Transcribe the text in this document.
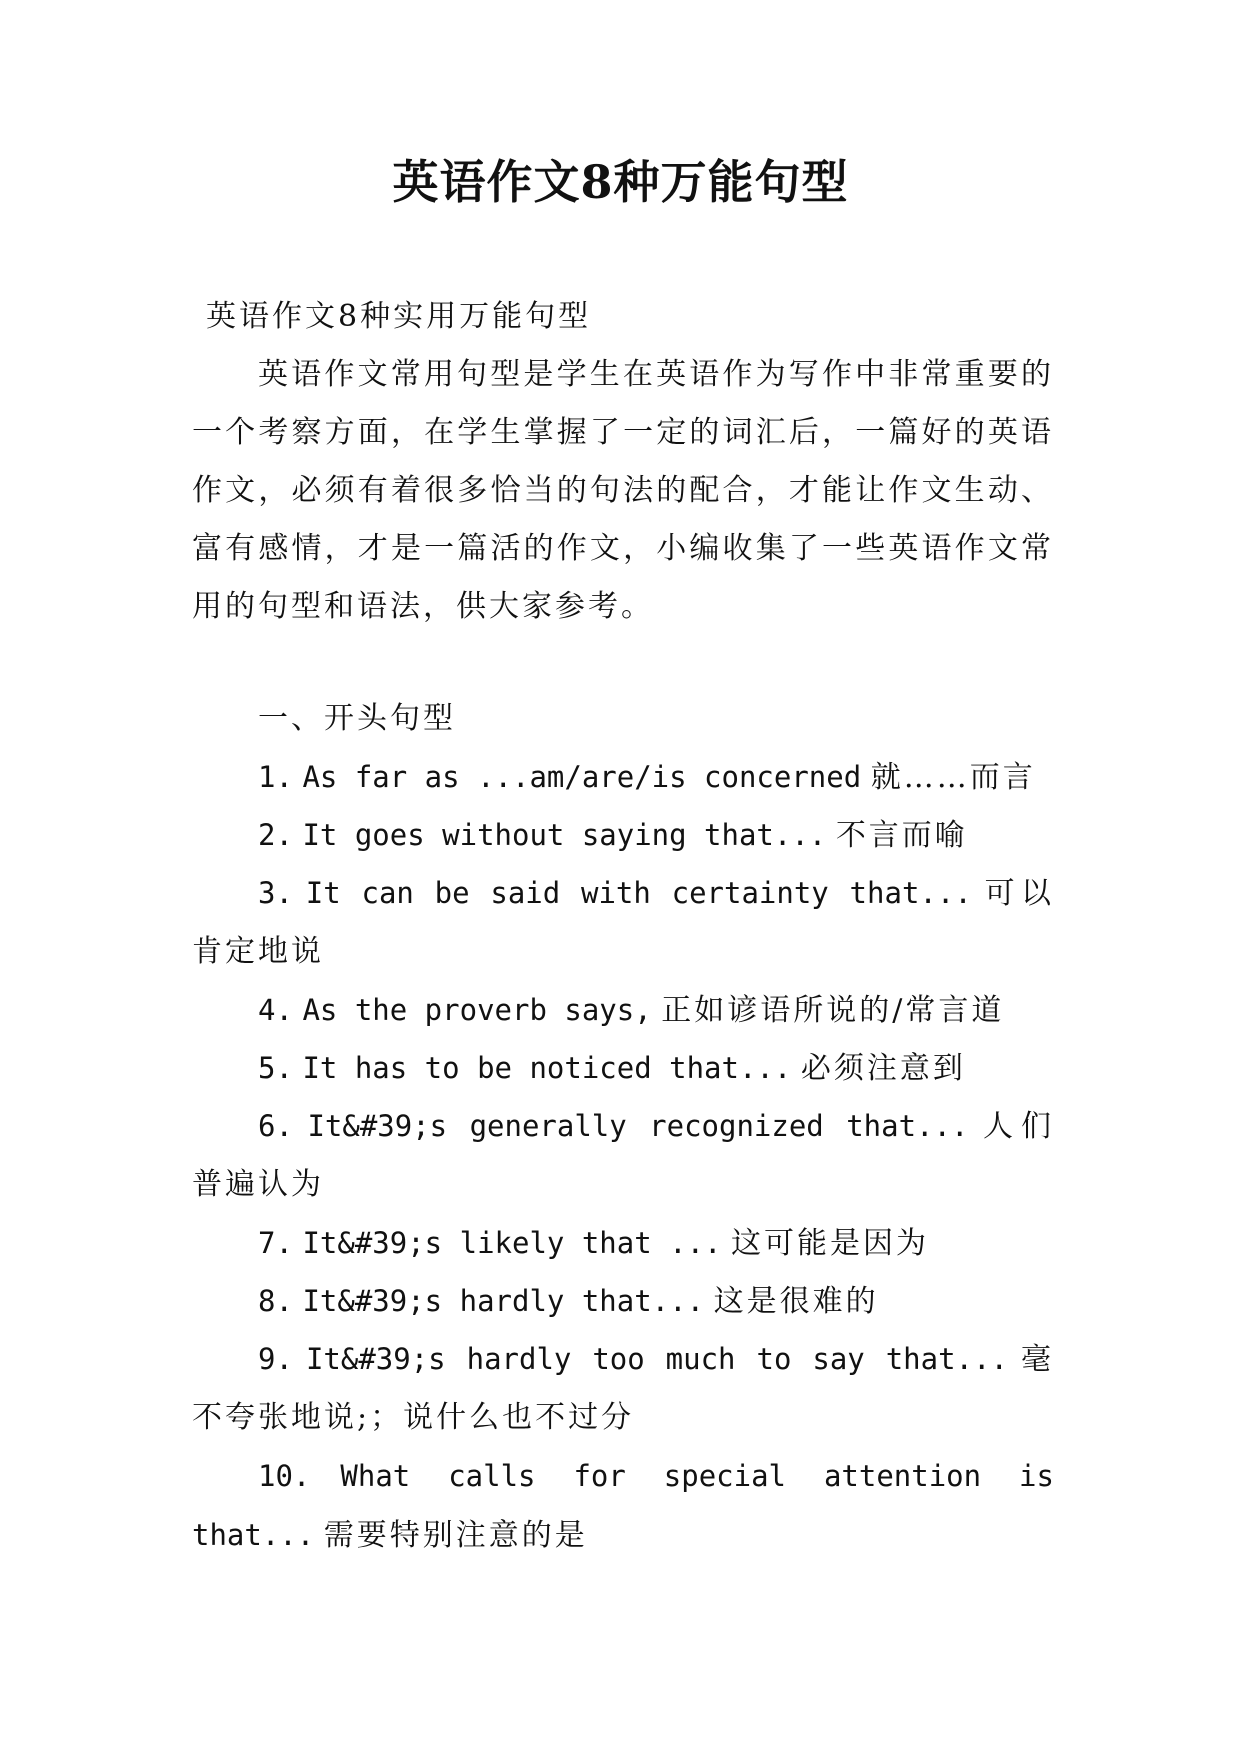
英语作文8种万能句型

英语作文8种实用万能句型

英语作文常用句型是学生在英语作为写作中非常重要的一个考察方面，在学生掌握了一定的词汇后，一篇好的英语作文，必须有着很多恰当的句法的配合，才能让作文生动、富有感情，才是一篇活的作文，小编收集了一些英语作文常用的句型和语法，供大家参考。

一、开头句型

1. As far as ...am/are/is concerned 就……而言

2. It goes without saying that... 不言而喻

3. It can be said with certainty that... 可以肯定地说

4. As the proverb says, 正如谚语所说的/常言道

5. It has to be noticed that... 必须注意到

6. It&#39;s generally recognized that... 人们普遍认为

7. It&#39;s likely that ... 这可能是因为

8. It&#39;s hardly that... 这是很难的

9. It&#39;s hardly too much to say that... 毫不夸张地说;；说什么也不过分

10. What calls for special attention is that... 需要特别注意的是
